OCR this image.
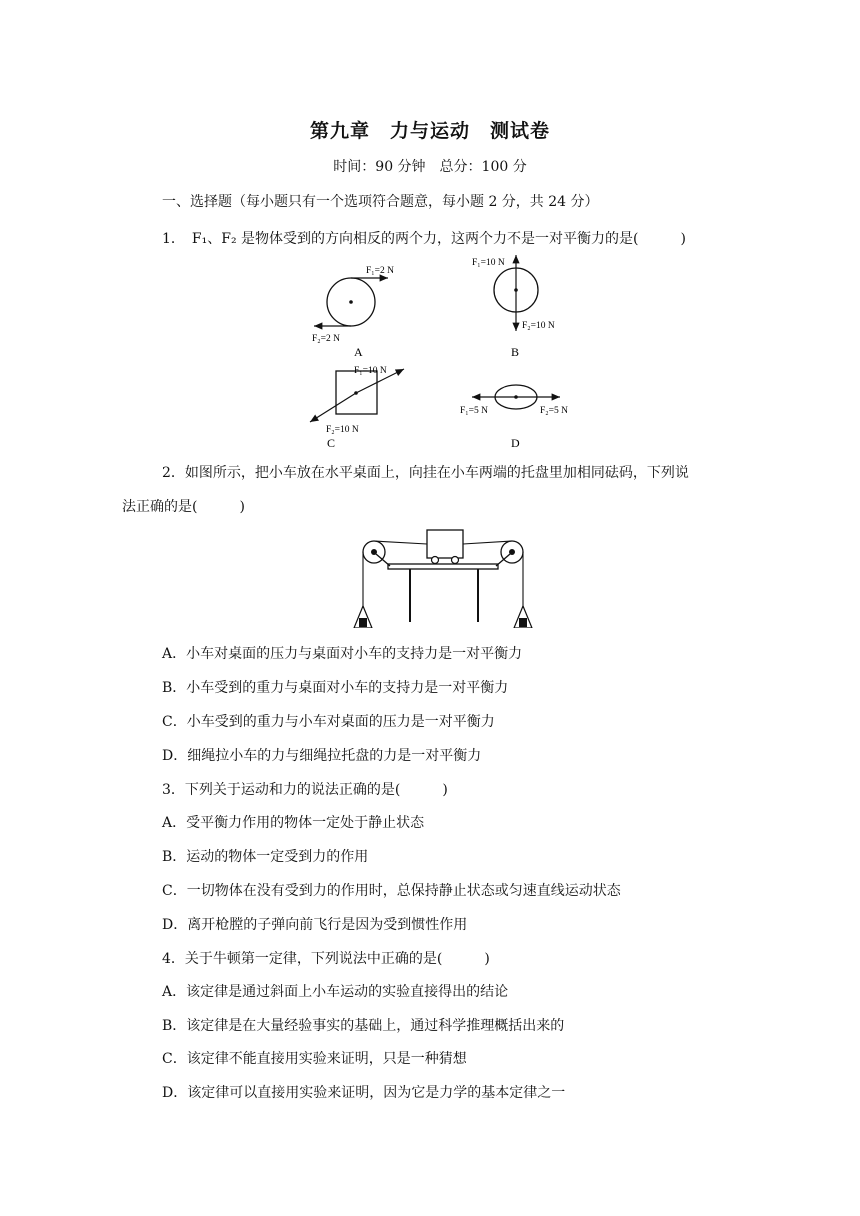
第九章　力与运动　测试卷
时间：90 分钟　总分：100 分
一、选择题（每小题只有一个选项符合题意，每小题 2 分，共 24 分）
1．　F₁、F₂ 是物体受到的方向相反的两个力，这两个力不是一对平衡力的是(　　　)
F₁=2 N
F₂=2 N
A
F₁=10 N
F₂=10 N
B
F₁=10 N
F₂=10 N
C
F₁=5 N	F₂=5 N
D
2．如图所示，把小车放在水平桌面上，向挂在小车两端的托盘里加相同砝码，下列说
法正确的是(　　　)
A．小车对桌面的压力与桌面对小车的支持力是一对平衡力
B．小车受到的重力与桌面对小车的支持力是一对平衡力
C．小车受到的重力与小车对桌面的压力是一对平衡力
D．细绳拉小车的力与细绳拉托盘的力是一对平衡力
3．下列关于运动和力的说法正确的是(　　　)
A．受平衡力作用的物体一定处于静止状态
B．运动的物体一定受到力的作用
C．一切物体在没有受到力的作用时，总保持静止状态或匀速直线运动状态
D．离开枪膛的子弹向前飞行是因为受到惯性作用
4．关于牛顿第一定律，下列说法中正确的是(　　　)
A．该定律是通过斜面上小车运动的实验直接得出的结论
B．该定律是在大量经验事实的基础上，通过科学推理概括出来的
C．该定律不能直接用实验来证明，只是一种猜想
D．该定律可以直接用实验来证明，因为它是力学的基本定律之一
